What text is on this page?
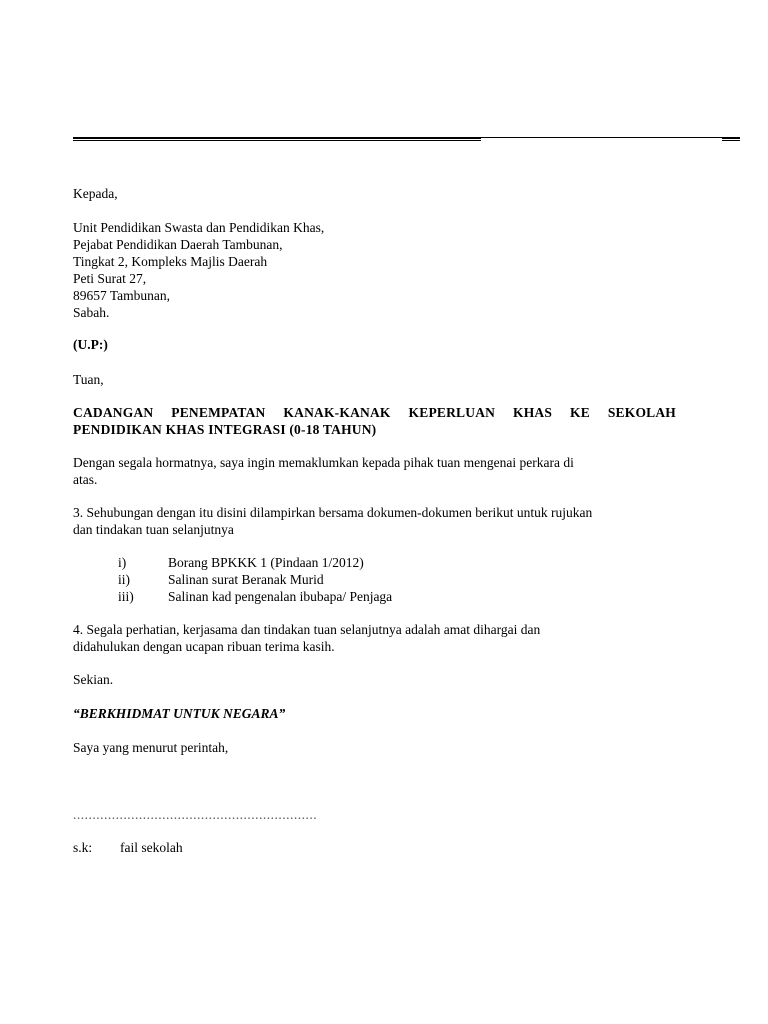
Kepada,
Unit Pendidikan Swasta dan Pendidikan Khas,
Pejabat Pendidikan Daerah Tambunan,
Tingkat 2, Kompleks Majlis Daerah
Peti Surat 27,
89657 Tambunan,
Sabah.
(U.P:)
Tuan,
CADANGAN PENEMPATAN KANAK-KANAK KEPERLUAN KHAS KE SEKOLAH
PENDIDIKAN KHAS INTEGRASI (0-18 TAHUN)
Dengan segala hormatnya, saya ingin memaklumkan kepada pihak tuan mengenai perkara di
atas.
3. Sehubungan dengan itu disini dilampirkan bersama dokumen-dokumen berikut untuk rujukan
dan tindakan tuan selanjutnya
i)	Borang BPKKK 1 (Pindaan 1/2012)
ii)	Salinan surat Beranak Murid
iii)	Salinan kad pengenalan ibubapa/ Penjaga
4. Segala perhatian, kerjasama dan tindakan tuan selanjutnya adalah amat dihargai dan
didahulukan dengan ucapan ribuan terima kasih.
Sekian.
“BERKHIDMAT UNTUK NEGARA”
Saya yang menurut perintah,
...............................................................
s.k:	fail sekolah
